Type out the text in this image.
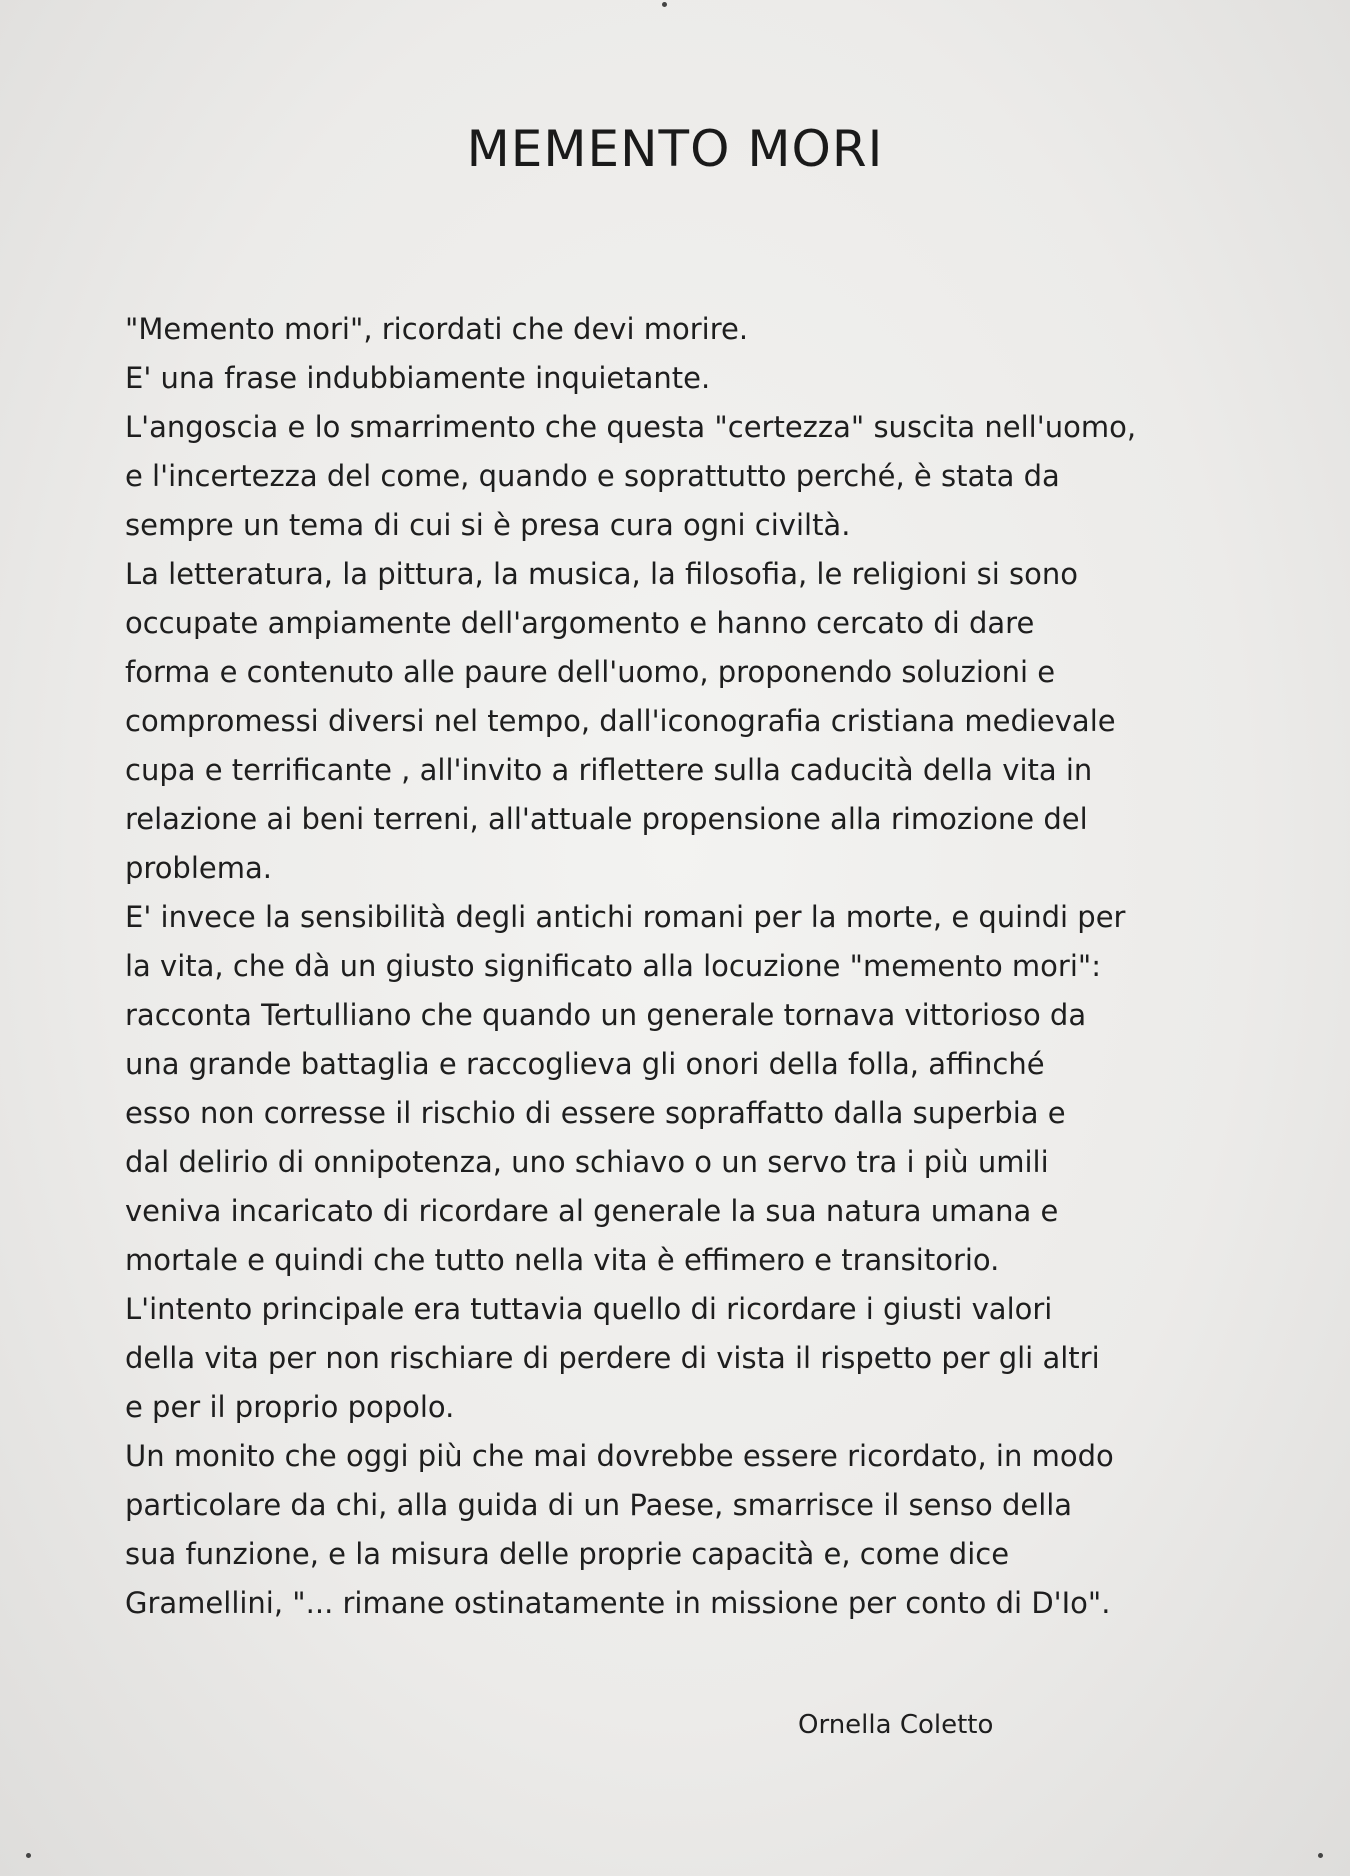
MEMENTO MORI
"Memento mori", ricordati che devi morire.
E' una frase indubbiamente inquietante.
L'angoscia e lo smarrimento che questa "certezza" suscita nell'uomo,
e l'incertezza del come, quando e soprattutto perché, è stata da
sempre un tema di cui si è presa cura ogni civiltà.
La letteratura, la pittura, la musica, la filosofia, le religioni si sono
occupate ampiamente dell'argomento e hanno cercato di dare
forma e contenuto alle paure dell'uomo, proponendo soluzioni e
compromessi diversi nel tempo, dall'iconografia cristiana medievale
cupa e terrificante , all'invito a riflettere sulla caducità della vita in
relazione ai beni terreni, all'attuale propensione alla rimozione del
problema.
E' invece la sensibilità degli antichi romani per la morte, e quindi per
la vita, che dà un giusto significato alla locuzione "memento mori":
racconta Tertulliano che quando un generale tornava vittorioso da
una grande battaglia e raccoglieva gli onori della folla, affinché
esso non corresse il rischio di essere sopraffatto dalla superbia e
dal delirio di onnipotenza, uno schiavo o un servo tra i più umili
veniva incaricato di ricordare al generale la sua natura umana e
mortale e quindi che tutto nella vita è effimero e transitorio.
L'intento principale era tuttavia quello di ricordare i giusti valori
della vita per non rischiare di perdere di vista il rispetto per gli altri
e per il proprio popolo.
Un monito che oggi più che mai dovrebbe essere ricordato, in modo
particolare da chi, alla guida di un Paese, smarrisce il senso della
sua funzione, e la misura delle proprie capacità e, come dice
Gramellini, "... rimane ostinatamente in missione per conto di D'Io".
Ornella Coletto
